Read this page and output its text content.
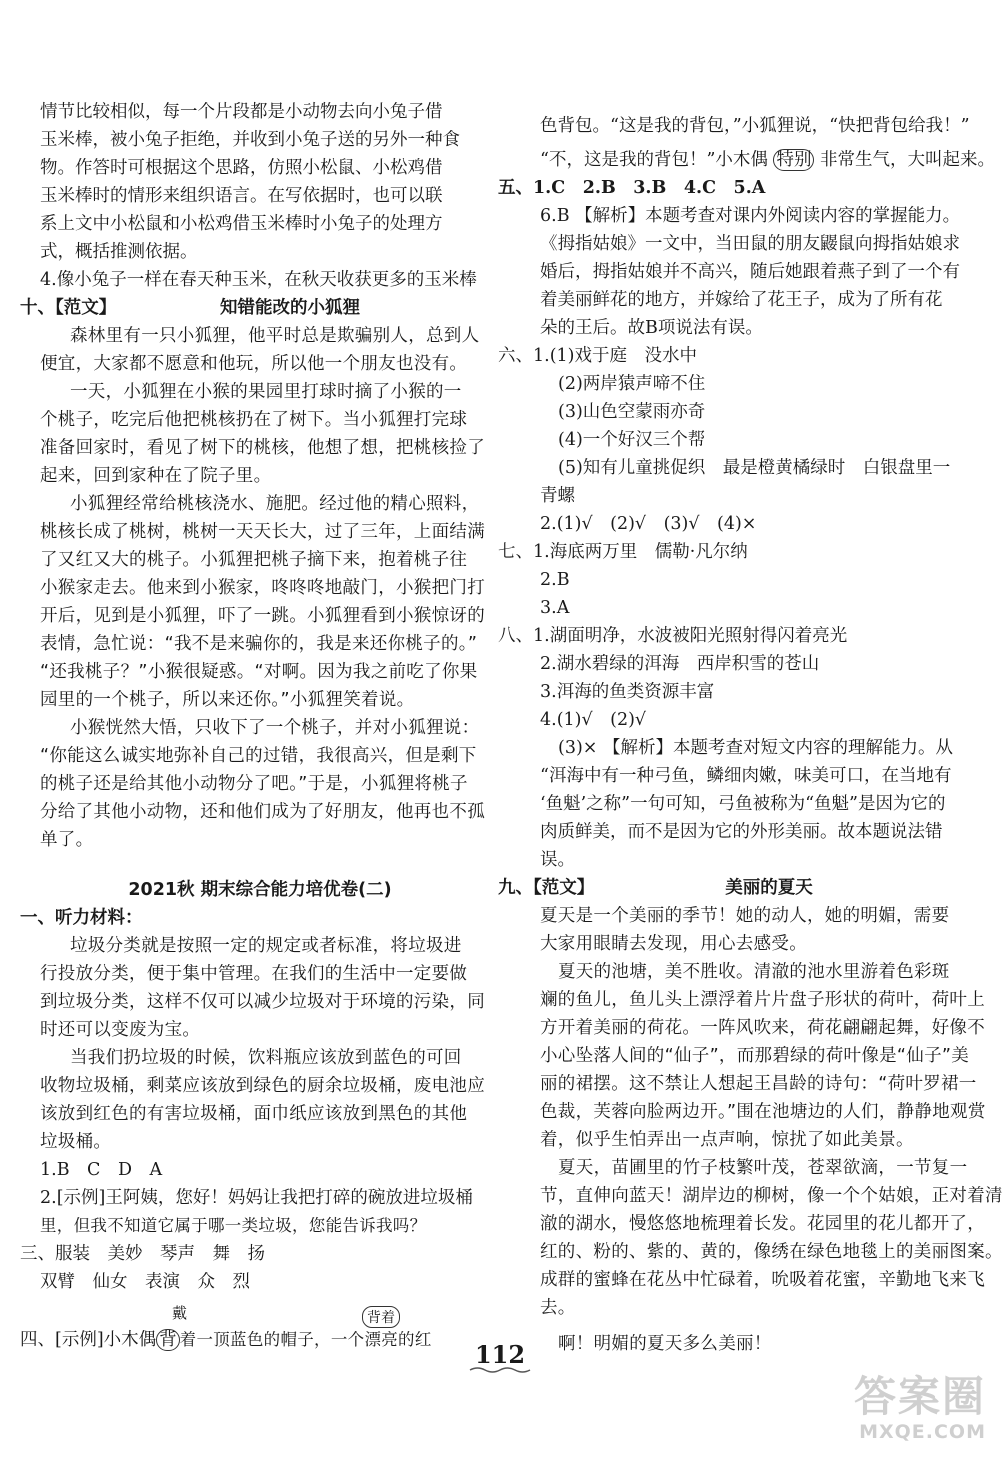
情节比较相似，每一个片段都是小动物去向小兔子借
玉米棒，被小兔子拒绝，并收到小兔子送的另外一种食
物。作答时可根据这个思路，仿照小松鼠、小松鸡借
玉米棒时的情形来组织语言。在写依据时，也可以联
系上文中小松鼠和小松鸡借玉米棒时小兔子的处理方
式，概括推测依据。
4.像小兔子一样在春天种玉米，在秋天收获更多的玉米棒
十、【范文】	知错能改的小狐狸
森林里有一只小狐狸，他平时总是欺骗别人，总到人
便宜，大家都不愿意和他玩，所以他一个朋友也没有。
一天，小狐狸在小猴的果园里打球时摘了小猴的一
个桃子，吃完后他把桃核扔在了树下。当小狐狸打完球
准备回家时，看见了树下的桃核，他想了想，把桃核捡了
起来，回到家种在了院子里。
小狐狸经常给桃核浇水、施肥。经过他的精心照料，
桃核长成了桃树，桃树一天天长大，过了三年，上面结满
了又红又大的桃子。小狐狸把桃子摘下来，抱着桃子往
小猴家走去。他来到小猴家，咚咚咚地敲门，小猴把门打
开后，见到是小狐狸，吓了一跳。小狐狸看到小猴惊讶的
表情，急忙说：“我不是来骗你的，我是来还你桃子的。”
“还我桃子？”小猴很疑惑。“对啊。因为我之前吃了你果
园里的一个桃子，所以来还你。”小狐狸笑着说。
小猴恍然大悟，只收下了一个桃子，并对小狐狸说：
“你能这么诚实地弥补自己的过错，我很高兴，但是剩下
的桃子还是给其他小动物分了吧。”于是，小狐狸将桃子
分给了其他小动物，还和他们成为了好朋友，他再也不孤
单了。
2021秋 期末综合能力培优卷(二)
一、听力材料：
垃圾分类就是按照一定的规定或者标准，将垃圾进
行投放分类，便于集中管理。在我们的生活中一定要做
到垃圾分类，这样不仅可以减少垃圾对于环境的污染，同
时还可以变废为宝。
当我们扔垃圾的时候，饮料瓶应该放到蓝色的可回
收物垃圾桶，剩菜应该放到绿色的厨余垃圾桶，废电池应
该放到红色的有害垃圾桶，面巾纸应该放到黑色的其他
垃圾桶。
1.B　C　D　A
2.[示例]王阿姨，您好！妈妈让我把打碎的碗放进垃圾桶
里，但我不知道它属于哪一类垃圾，您能告诉我吗？
三、服装　美妙　琴声　舞　扬
双臂　仙女　表演　众　烈
戴	背着
四、[示例]小木偶 背 着一顶蓝色的帽子，一个漂亮的红
色背包。“这是我的背包，”小狐狸说，“快把背包给我！”
“不，这是我的背包！”小木偶 特别 非常生气，大叫起来。
五、1.C　2.B　3.B　4.C　5.A
6.B 【解析】本题考查对课内外阅读内容的掌握能力。
《拇指姑娘》一文中，当田鼠的朋友鼹鼠向拇指姑娘求
婚后，拇指姑娘并不高兴，随后她跟着燕子到了一个有
着美丽鲜花的地方，并嫁给了花王子，成为了所有花
朵的王后。故B项说法有误。
六、1.(1)戏于庭　没水中
(2)两岸猿声啼不住
(3)山色空蒙雨亦奇
(4)一个好汉三个帮
(5)知有儿童挑促织　最是橙黄橘绿时　白银盘里一
青螺
2.(1)√　(2)√　(3)√　(4)×
七、1.海底两万里　儒勒·凡尔纳
2.B
3.A
八、1.湖面明净，水波被阳光照射得闪着亮光
2.湖水碧绿的洱海　西岸积雪的苍山
3.洱海的鱼类资源丰富
4.(1)√　(2)√
(3)× 【解析】本题考查对短文内容的理解能力。从
“洱海中有一种弓鱼，鳞细肉嫩，味美可口，在当地有
‘鱼魁’之称”一句可知，弓鱼被称为“鱼魁”是因为它的
肉质鲜美，而不是因为它的外形美丽。故本题说法错
误。
九、【范文】	美丽的夏天
夏天是一个美丽的季节！她的动人，她的明媚，需要
大家用眼睛去发现，用心去感受。
夏天的池塘，美不胜收。清澈的池水里游着色彩斑
斓的鱼儿，鱼儿头上漂浮着片片盘子形状的荷叶，荷叶上
方开着美丽的荷花。一阵风吹来，荷花翩翩起舞，好像不
小心坠落人间的“仙子”，而那碧绿的荷叶像是“仙子”美
丽的裙摆。这不禁让人想起王昌龄的诗句：“荷叶罗裙一
色裁，芙蓉向脸两边开。”围在池塘边的人们，静静地观赏
着，似乎生怕弄出一点声响，惊扰了如此美景。
夏天，苗圃里的竹子枝繁叶茂，苍翠欲滴，一节复一
节，直伸向蓝天！湖岸边的柳树，像一个个姑娘，正对着清
澈的湖水，慢悠悠地梳理着长发。花园里的花儿都开了，
红的、粉的、紫的、黄的，像绣在绿色地毯上的美丽图案。
成群的蜜蜂在花丛中忙碌着，吮吸着花蜜，辛勤地飞来飞
去。
啊！明媚的夏天多么美丽！
112
答案圈
MXQE.COM
